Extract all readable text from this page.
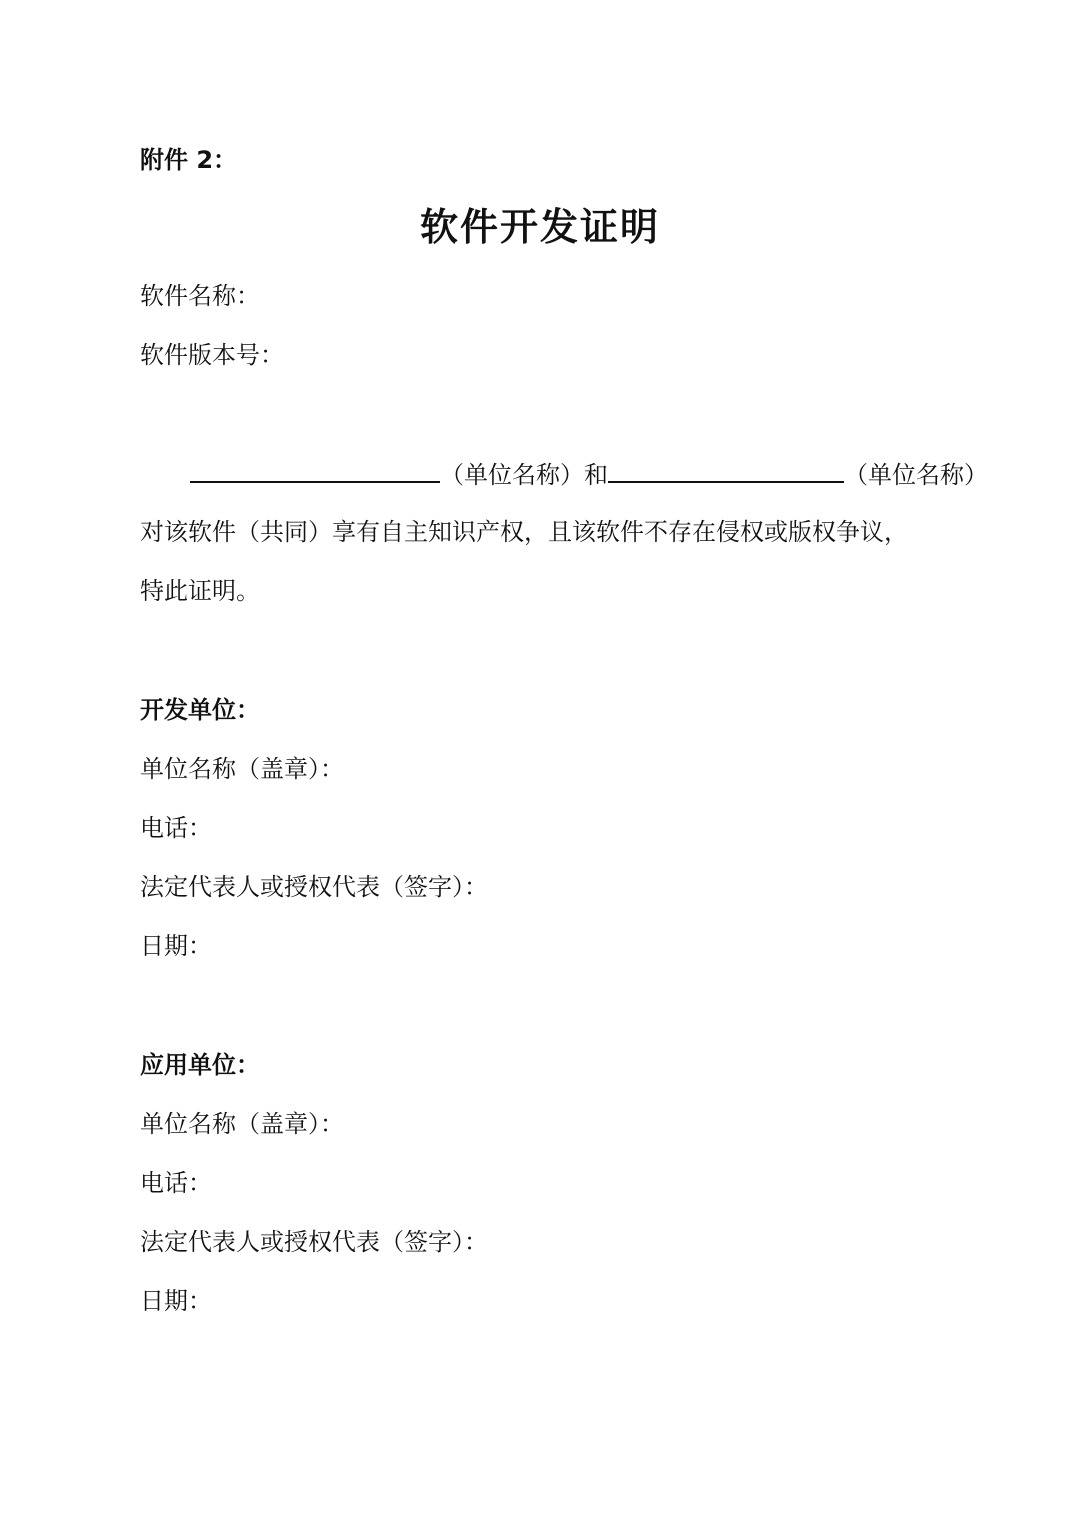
附件 2：
软件开发证明
软件名称：
软件版本号：
（单位名称）和	（单位名称）
对该软件（共同）享有自主知识产权，且该软件不存在侵权或版权争议，
特此证明。
开发单位：
单位名称（盖章）：
电话：
法定代表人或授权代表（签字）：
日期：
应用单位：
单位名称（盖章）：
电话：
法定代表人或授权代表（签字）：
日期：
